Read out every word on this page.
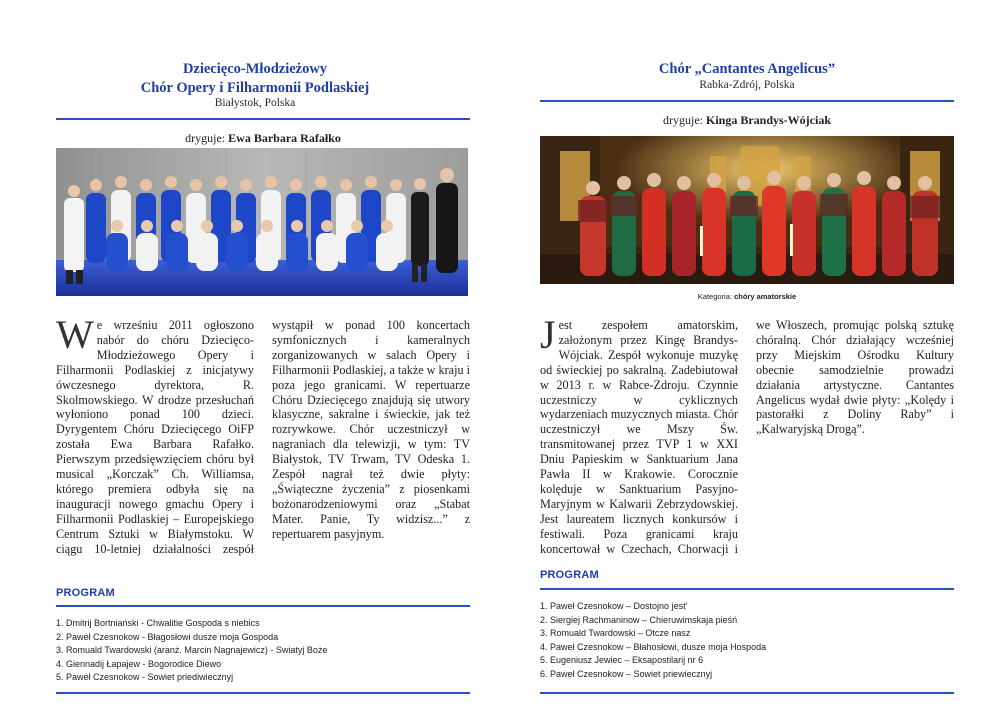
Dziecięco-Młodzieżowy
Chór Opery i Filharmonii Podlaskiej
Białystok, Polska
dryguje: Ewa Barbara Rafałko
We wrześniu 2011 ogłoszono nabór do chóru Dziecięco-Młodzieżowego Opery i Filharmonii Podlaskiej z inicjatywy ówczesnego dyrektora, R. Skolmowskiego. W drodze przesłuchań wyłoniono ponad 100 dzieci. Dyrygentem Chóru Dziecięcego OiFP została Ewa Barbara Rafałko. Pierwszym przedsięwzięciem chóru był musical „Korczak” Ch. Williamsa, którego premiera odbyła się na inauguracji nowego gmachu Opery i Filharmonii Podlaskiej – Europejskiego Centrum Sztuki w Białymstoku. W ciągu 10-letniej działalności zespół wystąpił w ponad 100 koncertach symfonicznych i kameralnych zorganizowanych w salach Opery i Filharmonii Podlaskiej, a także w kraju i poza jego granicami. W repertuarze Chóru Dziecięcego znajdują się utwory klasyczne, sakralne i świeckie, jak też rozrywkowe. Chór uczestniczył w nagraniach dla telewizji, w tym: TV Białystok, TV Trwam, TV Odeska 1. Zespół nagrał też dwie płyty: „Świąteczne życzenia” z piosenkami bożonarodzeniowymi oraz „Stabat Mater. Panie, Ty widzisz...” z repertuarem pasyjnym.
PROGRAM
1. Dmitrij Bortniański - Chwalitie Gospoda s niebics
2. Paweł Czesnokow - Błagosłowi dusze moja Gospoda
3. Romuald Twardowski (aranż. Marcin Nagnajewicz) - Swiatyj Boże
4. Giennadij Łapajew - Bogorodice Diewo
5. Paweł Czesnokow - Sowiet priediwiecznyj
Chór „Cantantes Angelicus”
Rabka-Zdrój, Polska
dryguje: Kinga Brandys-Wójciak
Kategoria: chóry amatorskie
Jest zespołem amatorskim, założonym przez Kingę Brandys-Wójciak. Zespół wykonuje muzykę od świeckiej po sakralną. Zadebiutował w 2013 r. w Rabce-Zdroju. Czynnie uczestniczy w cyklicznych wydarzeniach muzycznych miasta. Chór uczestniczył we Mszy Św. transmitowanej przez TVP 1 w XXI Dniu Papieskim w Sanktuarium Jana Pawła II w Krakowie. Corocznie kolęduje w Sanktuarium Pasyjno-Maryjnym w Kalwarii Zebrzydowskiej. Jest laureatem licznych konkursów i festiwali. Poza granicami kraju koncertował w Czechach, Chorwacji i we Włoszech, promując polską sztukę chóralną. Chór działający wcześniej przy Miejskim Ośrodku Kultury obecnie samodzielnie prowadzi działania artystyczne. Cantantes Angelicus wydał dwie płyty: „Kolędy i pastorałki z Doliny Raby” i „Kalwaryjską Drogą”.
PROGRAM
1. Paweł Czesnokow – Dostojno jest’
2. Siergiej Rachmaninow – Chieruwimskaja pieśń
3. Romuald Twardowski – Otcze nasz
4. Paweł Czesnokow – Błahosłowi, dusze moja Hospoda
5. Eugeniusz Jewiec – Eksapostilarij nr 6
6. Paweł Czesnokow – Sowiet priewiecznyj
